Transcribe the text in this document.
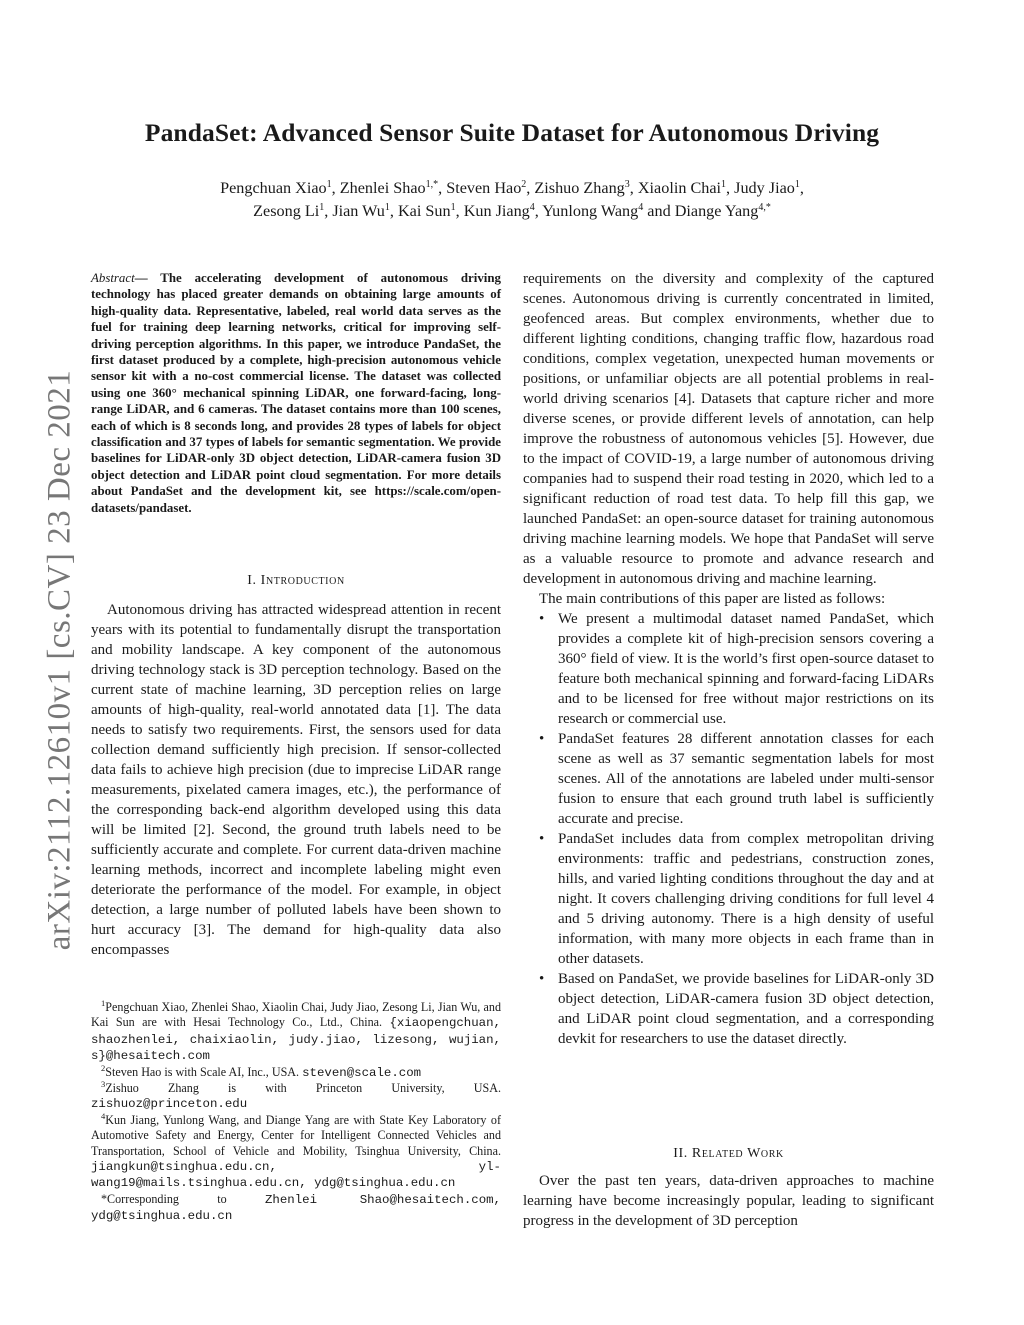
PandaSet: Advanced Sensor Suite Dataset for Autonomous Driving
Pengchuan Xiao$^1$, Zhenlei Shao$^{1,*}$, Steven Hao$^2$, Zishuo Zhang$^3$, Xiaolin Chai$^1$, Judy Jiao$^1$,
Zesong Li$^1$, Jian Wu$^1$, Kai Sun$^1$, Kun Jiang$^4$, Yunlong Wang$^4$ and Diange Yang$^{4,*}$
arXiv:2112.12610v1 [cs.CV] 23 Dec 2021
Abstract— The accelerating development of autonomous driving technology has placed greater demands on obtaining large amounts of high-quality data. Representative, labeled, real world data serves as the fuel for training deep learning networks, critical for improving self-driving perception algorithms. In this paper, we introduce PandaSet, the first dataset produced by a complete, high-precision autonomous vehicle sensor kit with a no-cost commercial license. The dataset was collected using one 360° mechanical spinning LiDAR, one forward-facing, long-range LiDAR, and 6 cameras. The dataset contains more than 100 scenes, each of which is 8 seconds long, and provides 28 types of labels for object classification and 37 types of labels for semantic segmentation. We provide baselines for LiDAR-only 3D object detection, LiDAR-camera fusion 3D object detection and LiDAR point cloud segmentation. For more details about PandaSet and the development kit, see https://scale.com/open-datasets/pandaset.
I. Introduction
Autonomous driving has attracted widespread attention in recent years with its potential to fundamentally disrupt the transportation and mobility landscape. A key component of the autonomous driving technology stack is 3D perception technology. Based on the current state of machine learning, 3D perception relies on large amounts of high-quality, real-world annotated data [1]. The data needs to satisfy two requirements. First, the sensors used for data collection demand sufficiently high precision. If sensor-collected data fails to achieve high precision (due to imprecise LiDAR range measurements, pixelated camera images, etc.), the performance of the corresponding back-end algorithm developed using this data will be limited [2]. Second, the ground truth labels need to be sufficiently accurate and complete. For current data-driven machine learning methods, incorrect and incomplete labeling might even deteriorate the performance of the model. For example, in object detection, a large number of polluted labels have been shown to hurt accuracy [3]. The demand for high-quality data also encompasses

$^1$Pengchuan Xiao, Zhenlei Shao, Xiaolin Chai, Judy Jiao, Zesong Li, Jian Wu, and Kai Sun are with Hesai Technology Co., Ltd., China. {xiaopengchuan, shaozhenlei, chaixiaolin, judy.jiao, lizesong, wujian, s}@hesaitech.com

$^2$Steven Hao is with Scale AI, Inc., USA. steven@scale.com

$^3$Zishuo Zhang is with Princeton University, USA. zishuoz@princeton.edu

$^4$Kun Jiang, Yunlong Wang, and Diange Yang are with State Key Laboratory of Automotive Safety and Energy, Center for Intelligent Connected Vehicles and Transportation, School of Vehicle and Mobility, Tsinghua University, China. jiangkun@tsinghua.edu.cn, yl-wang19@mails.tsinghua.edu.cn, ydg@tsinghua.edu.cn

*Corresponding to Zhenlei Shao@hesaitech.com, ydg@tsinghua.edu.cn

requirements on the diversity and complexity of the captured scenes. Autonomous driving is currently concentrated in limited, geofenced areas. But complex environments, whether due to different lighting conditions, changing traffic flow, hazardous road conditions, complex vegetation, unexpected human movements or positions, or unfamiliar objects are all potential problems in real-world driving scenarios [4]. Datasets that capture richer and more diverse scenes, or provide different levels of annotation, can help improve the robustness of autonomous vehicles [5]. However, due to the impact of COVID-19, a large number of autonomous driving companies had to suspend their road testing in 2020, which led to a significant reduction of road test data. To help fill this gap, we launched PandaSet: an open-source dataset for training autonomous driving machine learning models. We hope that PandaSet will serve as a valuable resource to promote and advance research and development in autonomous driving and machine learning.

The main contributions of this paper are listed as follows:

• We present a multimodal dataset named PandaSet, which provides a complete kit of high-precision sensors covering a 360° field of view. It is the world’s first open-source dataset to feature both mechanical spinning and forward-facing LiDARs and to be licensed for free without major restrictions on its research or commercial use.
• PandaSet features 28 different annotation classes for each scene as well as 37 semantic segmentation labels for most scenes. All of the annotations are labeled under multi-sensor fusion to ensure that each ground truth label is sufficiently accurate and precise.
• PandaSet includes data from complex metropolitan driving environments: traffic and pedestrians, construction zones, hills, and varied lighting conditions throughout the day and at night. It covers challenging driving conditions for full level 4 and 5 driving autonomy. There is a high density of useful information, with many more objects in each frame than in other datasets.
• Based on PandaSet, we provide baselines for LiDAR-only 3D object detection, LiDAR-camera fusion 3D object detection, and LiDAR point cloud segmentation, and a corresponding devkit for researchers to use the dataset directly.
II. Related Work
Over the past ten years, data-driven approaches to machine learning have become increasingly popular, leading to significant progress in the development of 3D perception
